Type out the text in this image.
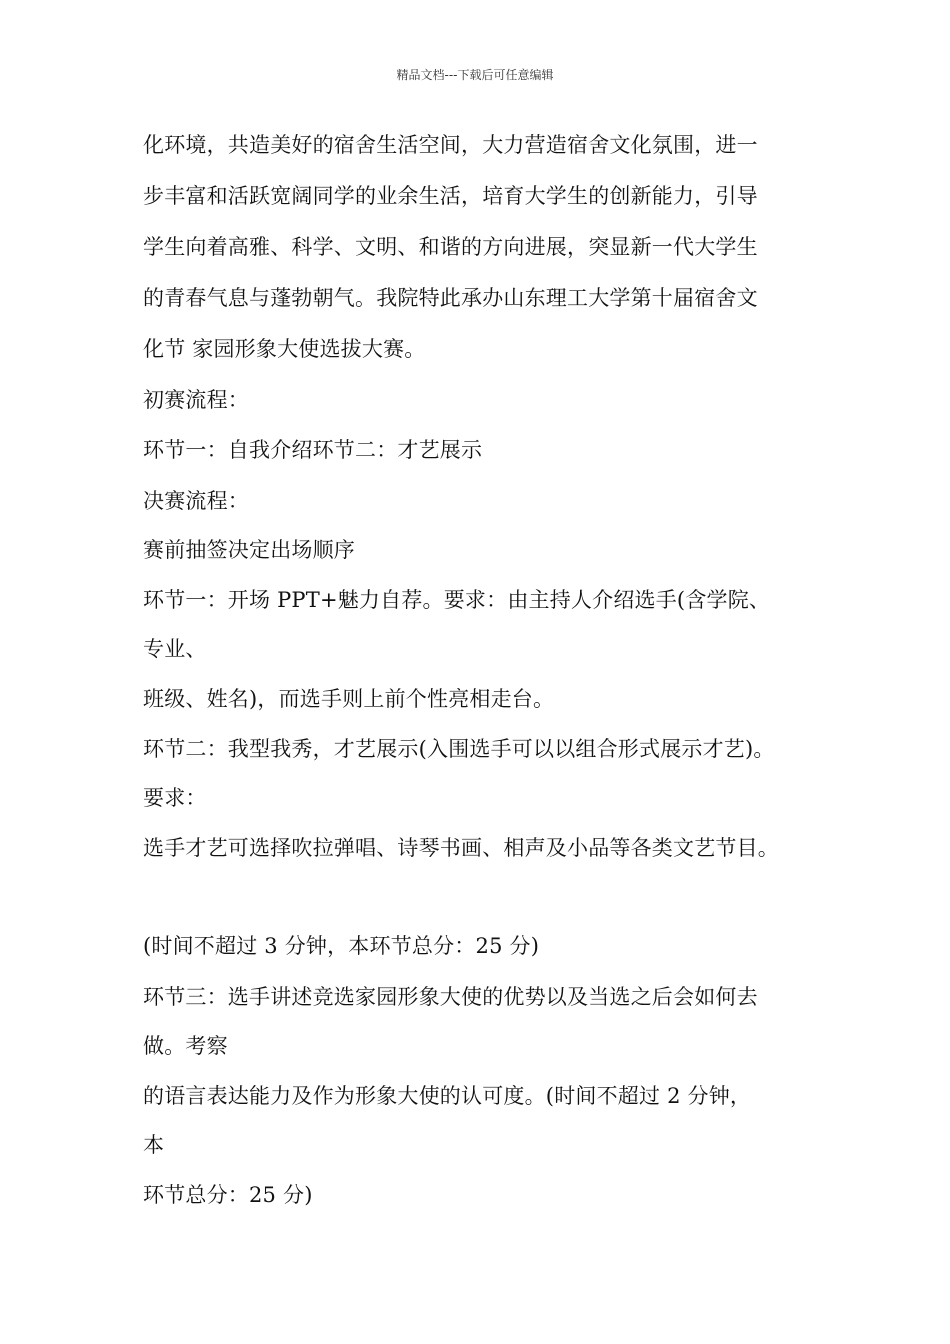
精品文档---下载后可任意编辑
化环境，共造美好的宿舍生活空间，大力营造宿舍文化氛围，进一
步丰富和活跃宽阔同学的业余生活，培育大学生的创新能力，引导
学生向着高雅、科学、文明、和谐的方向进展，突显新一代大学生
的青春气息与蓬勃朝气。我院特此承办山东理工大学第十届宿舍文
化节 家园形象大使选拔大赛。
初赛流程：
环节一：自我介绍环节二：才艺展示
决赛流程：
赛前抽签决定出场顺序
环节一：开场 PPT+魅力自荐。要求：由主持人介绍选手(含学院、
专业、
班级、姓名)，而选手则上前个性亮相走台。
环节二：我型我秀，才艺展示(入围选手可以以组合形式展示才艺)。
要求：
选手才艺可选择吹拉弹唱、诗琴书画、相声及小品等各类文艺节目。
(时间不超过 3 分钟，本环节总分：25 分)
环节三：选手讲述竞选家园形象大使的优势以及当选之后会如何去
做。考察
的语言表达能力及作为形象大使的认可度。(时间不超过 2 分钟，
本
环节总分：25 分)
